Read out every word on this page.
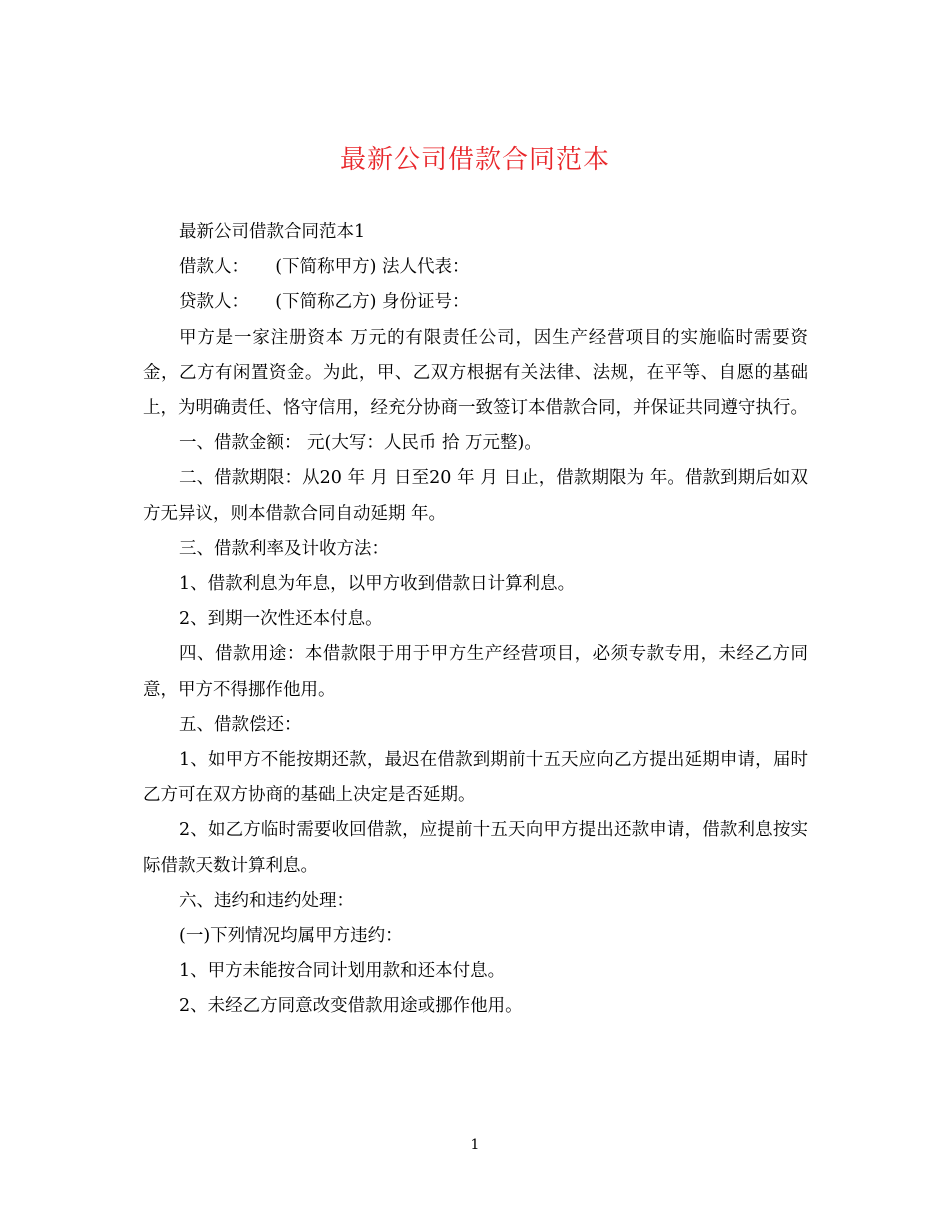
最新公司借款合同范本

最新公司借款合同范本1

借款人：　　(下简称甲方) 法人代表：

贷款人：　　(下简称乙方) 身份证号：

甲方是一家注册资本 万元的有限责任公司，因生产经营项目的实施临时需要资金，乙方有闲置资金。为此，甲、乙双方根据有关法律、法规，在平等、自愿的基础上，为明确责任、恪守信用，经充分协商一致签订本借款合同，并保证共同遵守执行。

一、借款金额： 元(大写：人民币 拾 万元整)。

二、借款期限：从20 年 月 日至20 年 月 日止，借款期限为 年。借款到期后如双方无异议，则本借款合同自动延期 年。

三、借款利率及计收方法：

1、借款利息为年息，以甲方收到借款日计算利息。

2、到期一次性还本付息。

四、借款用途：本借款限于用于甲方生产经营项目，必须专款专用，未经乙方同意，甲方不得挪作他用。

五、借款偿还：

1、如甲方不能按期还款，最迟在借款到期前十五天应向乙方提出延期申请，届时乙方可在双方协商的基础上决定是否延期。

2、如乙方临时需要收回借款，应提前十五天向甲方提出还款申请，借款利息按实际借款天数计算利息。

六、违约和违约处理：

(一)下列情况均属甲方违约：

1、甲方未能按合同计划用款和还本付息。

2、未经乙方同意改变借款用途或挪作他用。

1
